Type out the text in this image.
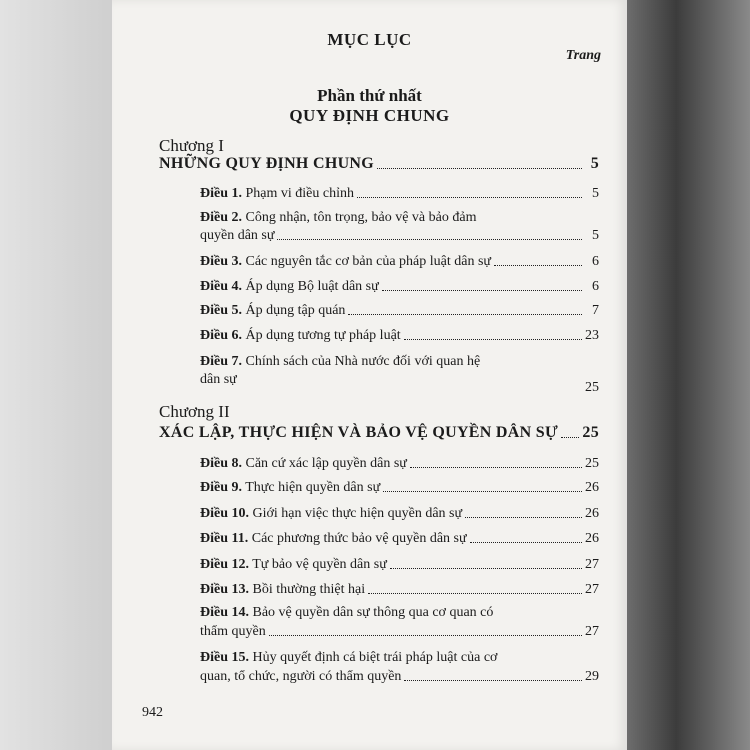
MỤC LỤC
Trang
Phần thứ nhất
QUY ĐỊNH CHUNG
Chương I
NHỮNG QUY ĐỊNH CHUNG	5
Điều 1. Phạm vi điều chỉnh	5
Điều 2. Công nhận, tôn trọng, bảo vệ và bảo đảm
quyền dân sự	5
Điều 3. Các nguyên tắc cơ bản của pháp luật dân sự	6
Điều 4. Áp dụng Bộ luật dân sự	6
Điều 5. Áp dụng tập quán	7
Điều 6. Áp dụng tương tự pháp luật	23
Điều 7. Chính sách của Nhà nước đối với quan hệ
dân sự
25
Chương II
XÁC LẬP, THỰC HIỆN VÀ BẢO VỆ QUYỀN DÂN SỰ 25
Điều 8. Căn cứ xác lập quyền dân sự	25
Điều 9. Thực hiện quyền dân sự	26
Điều 10. Giới hạn việc thực hiện quyền dân sự	26
Điều 11. Các phương thức bảo vệ quyền dân sự	26
Điều 12. Tự bảo vệ quyền dân sự	27
Điều 13. Bồi thường thiệt hại	27
Điều 14. Bảo vệ quyền dân sự thông qua cơ quan có
thẩm quyền	27
Điều 15. Hủy quyết định cá biệt trái pháp luật của cơ
quan, tổ chức, người có thẩm quyền	29
942
